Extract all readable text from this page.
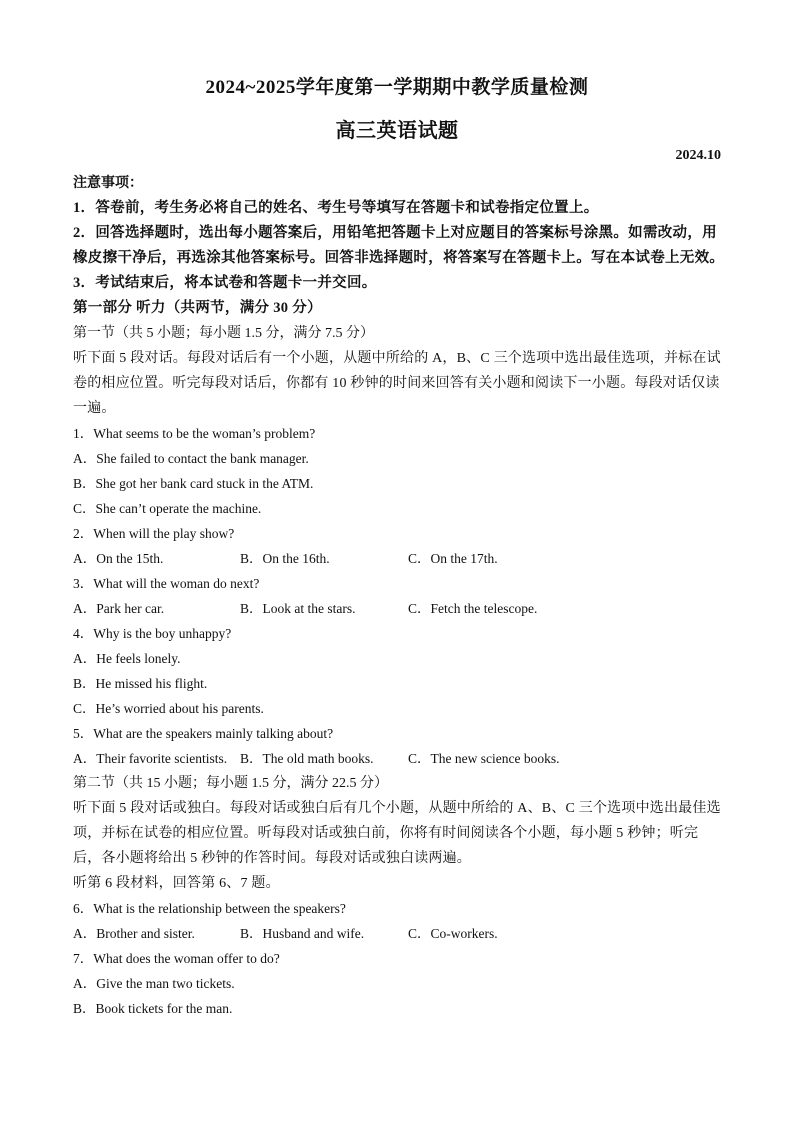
2024~2025学年度第一学期期中教学质量检测
高三英语试题
2024.10
注意事项：
1．答卷前，考生务必将自己的姓名、考生号等填写在答题卡和试卷指定位置上。
2．回答选择题时，选出每小题答案后，用铅笔把答题卡上对应题目的答案标号涂黑。如需改动，用橡皮擦干净后，再选涂其他答案标号。回答非选择题时，将答案写在答题卡上。写在本试卷上无效。
3．考试结束后，将本试卷和答题卡一并交回。
第一部分 听力（共两节，满分 30 分）
第一节（共 5 小题；每小题 1.5 分，满分 7.5 分）
听下面 5 段对话。每段对话后有一个小题，从题中所给的 A，B、C 三个选项中选出最佳选项，并标在试卷的相应位置。听完每段对话后，你都有 10 秒钟的时间来回答有关小题和阅读下一小题。每段对话仅读一遍。
1．What seems to be the woman’s problem?
A．She failed to contact the bank manager.
B．She got her bank card stuck in the ATM.
C．She can’t operate the machine.
2．When will the play show?
A．On the 15th.	B．On the 16th.	C．On the 17th.
3．What will the woman do next?
A．Park her car.	B．Look at the stars.	C．Fetch the telescope.
4．Why is the boy unhappy?
A．He feels lonely.
B．He missed his flight.
C．He’s worried about his parents.
5．What are the speakers mainly talking about?
A．Their favorite scientists. B．The old math books.	C．The new science books.
第二节（共 15 小题；每小题 1.5 分，满分 22.5 分）
听下面 5 段对话或独白。每段对话或独白后有几个小题，从题中所给的 A、B、C 三个选项中选出最佳选项，并标在试卷的相应位置。听每段对话或独白前，你将有时间阅读各个小题，每小题 5 秒钟；听完后，各小题将给出 5 秒钟的作答时间。每段对话或独白读两遍。
听第 6 段材料，回答第 6、7 题。
6．What is the relationship between the speakers?
A．Brother and sister.	B．Husband and wife.	C．Co-workers.
7．What does the woman offer to do?
A．Give the man two tickets.
B．Book tickets for the man.
